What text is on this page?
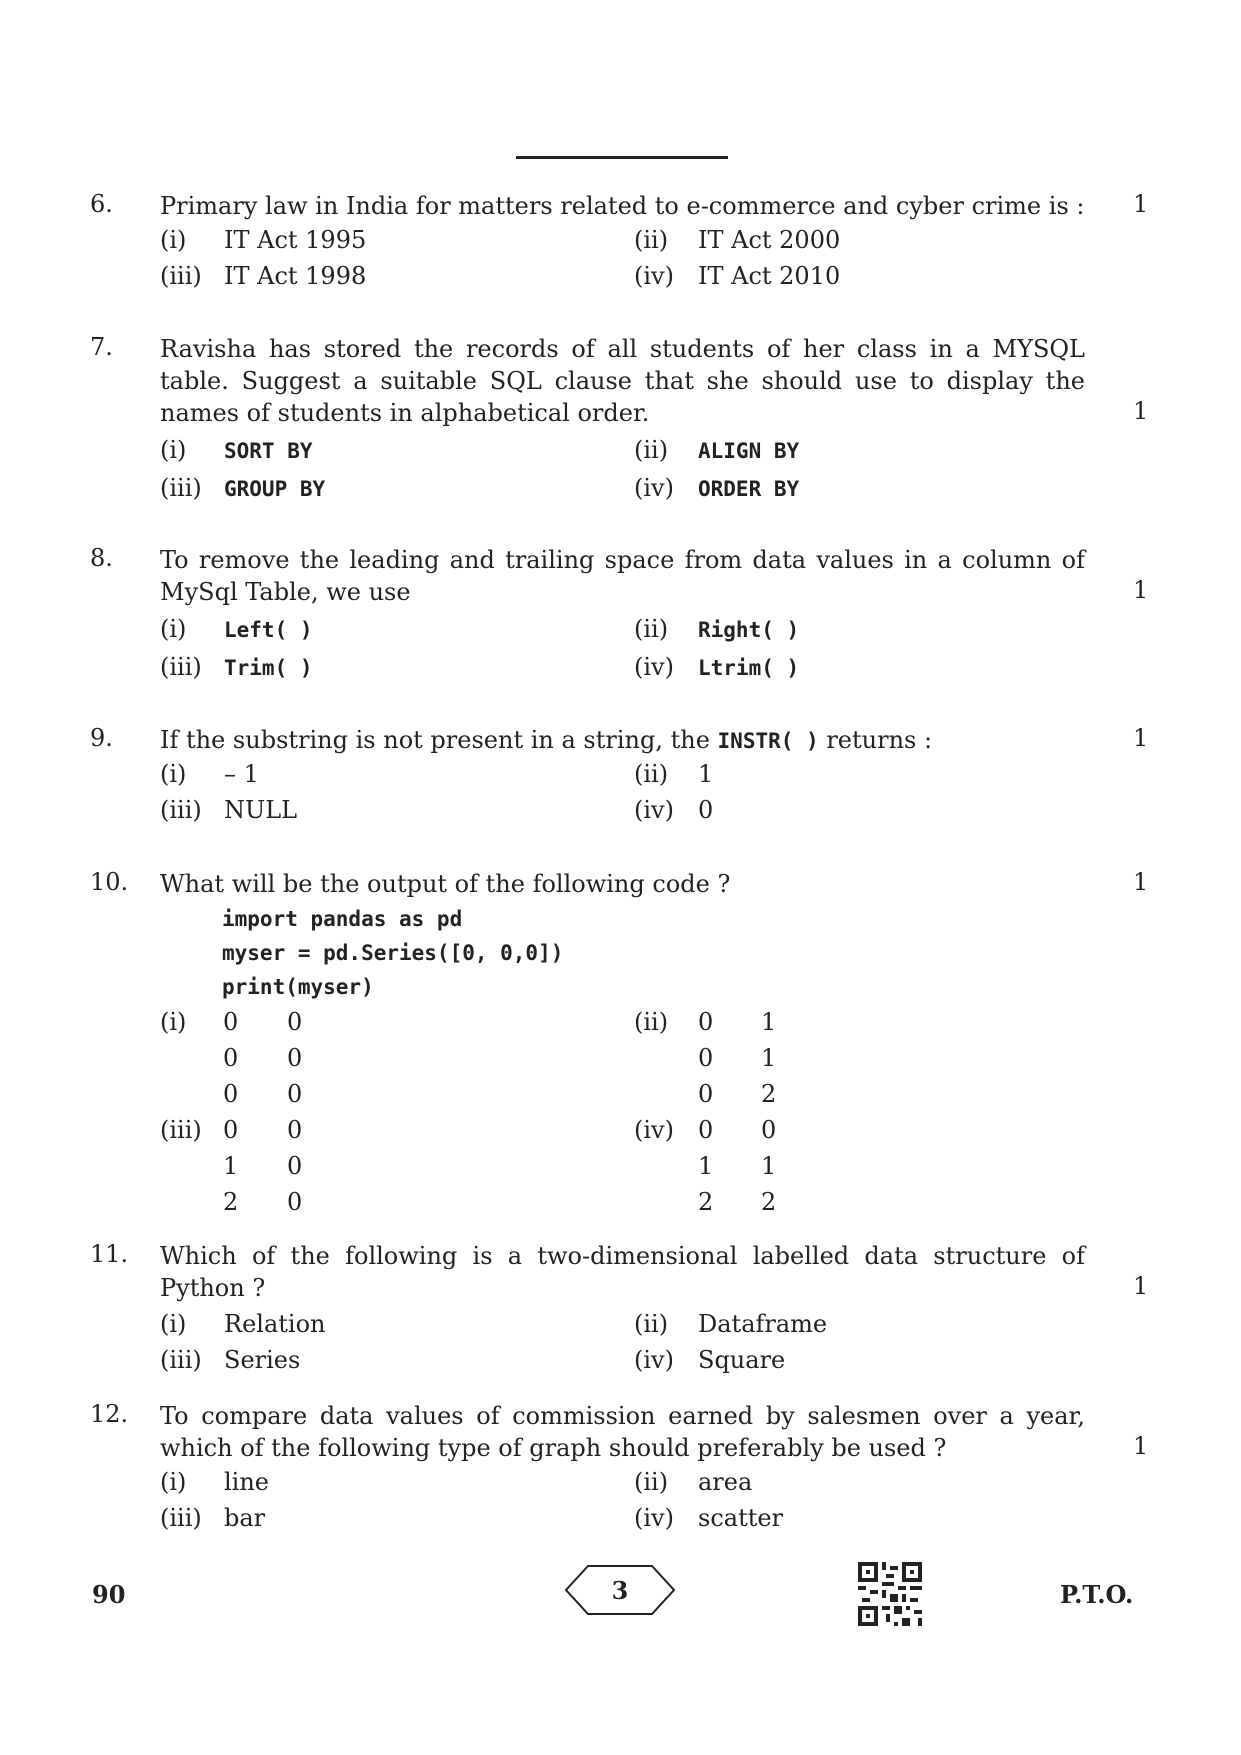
6. Primary law in India for matters related to e-commerce and cyber crime is : 1
(i) IT Act 1995	(ii) IT Act 2000
(iii) IT Act 1998	(iv) IT Act 2010
7. Ravisha has stored the records of all students of her class in a MYSQL table. Suggest a suitable SQL clause that she should use to display the names of students in alphabetical order.	1
(i) SORT BY	(ii) ALIGN BY
(iii) GROUP BY	(iv) ORDER BY
8. To remove the leading and trailing space from data values in a column of MySql Table, we use	1
(i) Left( )	(ii) Right( )
(iii) Trim( )	(iv) Ltrim( )
9. If the substring is not present in a string, the INSTR( ) returns :	1
(i) – 1	(ii) 1
(iii) NULL	(iv) 0
10. What will be the output of the following code ?	1
import pandas as pd
myser = pd.Series([0, 0,0])
print(myser)
(i) 0 0
0 0
0 0
(ii) 0 1
0 1
0 2
(iii) 0 0
1 0
2 0
(iv) 0 0
1 1
2 2
11. Which of the following is a two-dimensional labelled data structure of Python ?	1
(i) Relation	(ii) Dataframe
(iii) Series	(iv) Square
12. To compare data values of commission earned by salesmen over a year, which of the following type of graph should preferably be used ?	1
(i) line	(ii) area
(iii) bar	(iv) scatter
90	3	P.T.O.
